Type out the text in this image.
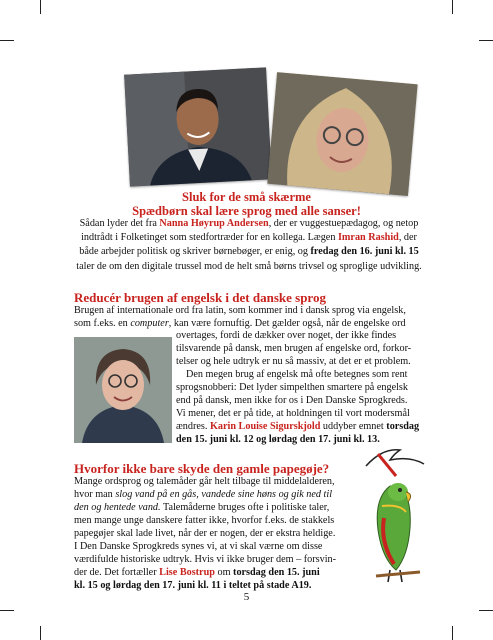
Sluk for de små skærme
Spædbørn skal lære sprog med alle sanser!
Sådan lyder det fra Nanna Høyrup Andersen, der er vuggestuepædagog, og netop indtrådt i Folketinget som stedfortræder for en kollega. Lægen Imran Rashid, der både arbejder politisk og skriver børnebøger, er enig, og fredag den 16. juni kl. 15 taler de om den digitale trussel mod de helt små børns trivsel og sproglige udvikling.
Reducér brugen af engelsk i det danske sprog
Brugen af internationale ord fra latin, som kommer ind i dansk sprog via engelsk,
som f.eks. en computer, kan være fornuftig. Det gælder også, når de engelske ord
overtages, fordi de dækker over noget, der ikke findes
tilsvarende på dansk, men brugen af engelske ord, forkor-
telser og hele udtryk er nu så massiv, at det er et problem.
Den megen brug af engelsk må ofte betegnes som rent
sprogsnobberi: Det lyder simpelthen smartere på engelsk
end på dansk, men ikke for os i Den Danske Sprogkreds.
Vi mener, det er på tide, at holdningen til vort modersmål
ændres. Karin Louise Sigurskjold uddyber emnet torsdag
den 15. juni kl. 12 og lørdag den 17. juni kl. 13.
Hvorfor ikke bare skyde den gamle papegøje?
Mange ordsprog og talemåder går helt tilbage til middelalderen,
hvor man slog vand på en gås, vandede sine høns og gik ned til
den og hentede vand. Talemåderne bruges ofte i politiske taler,
men mange unge danskere fatter ikke, hvorfor f.eks. de stakkels
papegøjer skal lade livet, når der er nogen, der er ekstra heldige.
I Den Danske Sprogkreds synes vi, at vi skal værne om disse
værdifulde historiske udtryk. Hvis vi ikke bruger dem – forsvin-
der de. Det fortæller Lise Bostrup om torsdag den 15. juni
kl. 15 og lørdag den 17. juni kl. 11 i teltet på stade A19.
5
